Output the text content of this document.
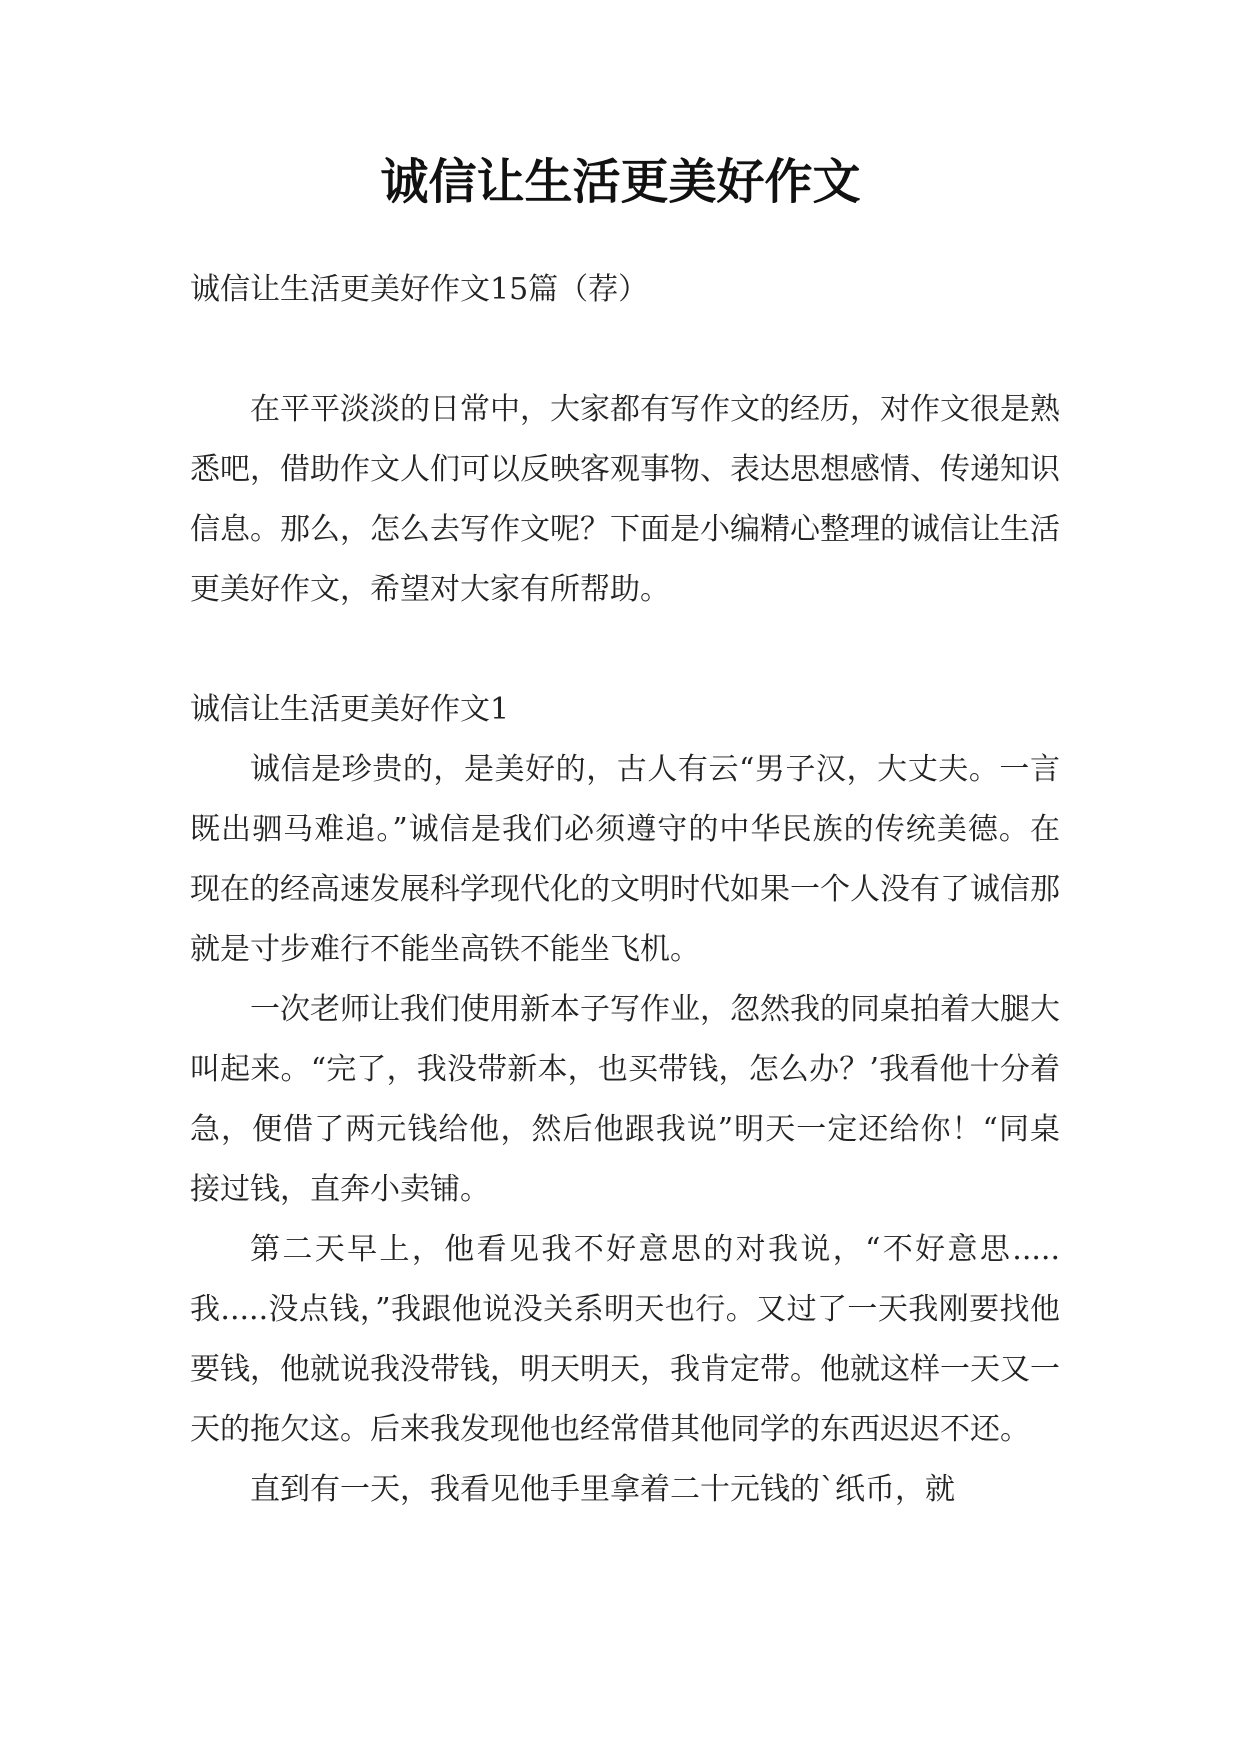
诚信让生活更美好作文

诚信让生活更美好作文15篇（荐）

在平平淡淡的日常中，大家都有写作文的经历，对作文很是熟悉吧，借助作文人们可以反映客观事物、表达思想感情、传递知识信息。那么，怎么去写作文呢？下面是小编精心整理的诚信让生活更美好作文，希望对大家有所帮助。

诚信让生活更美好作文1

诚信是珍贵的，是美好的，古人有云“男子汉，大丈夫。一言既出驷马难追。”诚信是我们必须遵守的中华民族的传统美德。在现在的经高速发展科学现代化的文明时代如果一个人没有了诚信那就是寸步难行不能坐高铁不能坐飞机。

一次老师让我们使用新本子写作业，忽然我的同桌拍着大腿大叫起来。“完了，我没带新本，也买带钱，怎么办？’我看他十分着急，便借了两元钱给他，然后他跟我说”明天一定还给你！“同桌接过钱，直奔小卖铺。

第二天早上，他看见我不好意思的对我说，“不好意思.....我.....没点钱，”我跟他说没关系明天也行。又过了一天我刚要找他要钱，他就说我没带钱，明天明天，我肯定带。他就这样一天又一天的拖欠这。后来我发现他也经常借其他同学的东西迟迟不还。

直到有一天，我看见他手里拿着二十元钱的`纸币，就
